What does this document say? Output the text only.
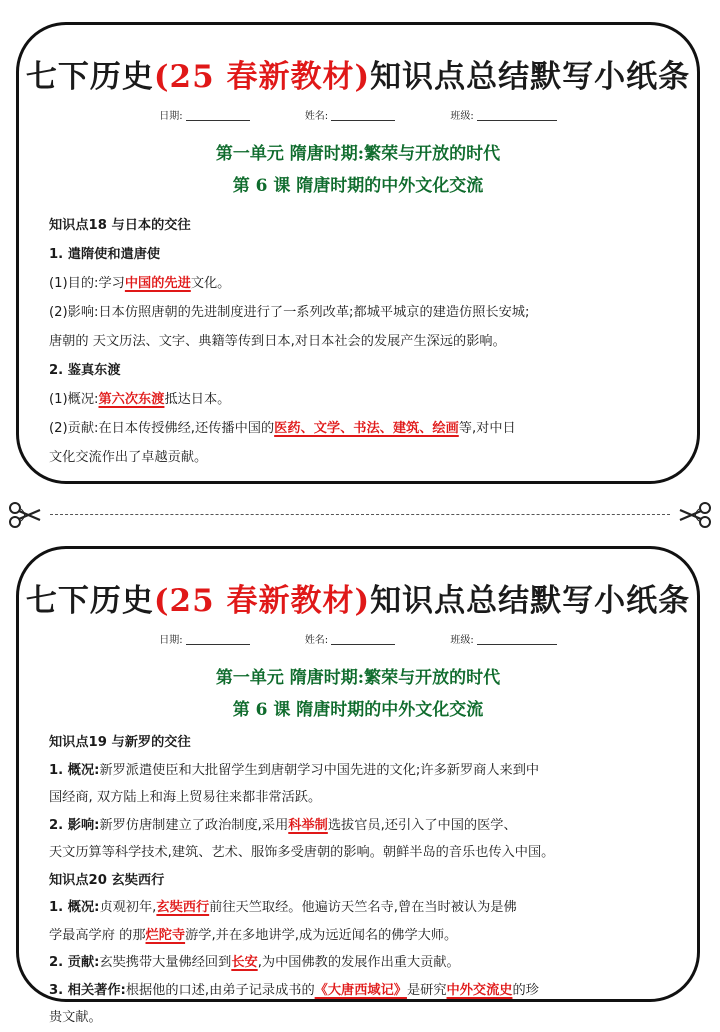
七下历史(25 春新教材)知识点总结默写小纸条
日期:	姓名:	班级:
第一单元 隋唐时期:繁荣与开放的时代
第 6 课 隋唐时期的中外文化交流

知识点18 与日本的交往

1. 遣隋使和遣唐使

(1)目的:学习中国的先进文化。

(2)影响:日本仿照唐朝的先进制度进行了一系列改革;都城平城京的建造仿照长安城;

唐朝的 天文历法、文字、典籍等传到日本,对日本社会的发展产生深远的影响。

2. 鉴真东渡

(1)概况:第六次东渡抵达日本。

(2)贡献:在日本传授佛经,还传播中国的医药、文学、书法、建筑、绘画等,对中日

文化交流作出了卓越贡献。

七下历史(25 春新教材)知识点总结默写小纸条
日期:	姓名:	班级:
第一单元 隋唐时期:繁荣与开放的时代
第 6 课 隋唐时期的中外文化交流

知识点19 与新罗的交往

1. 概况:新罗派遣使臣和大批留学生到唐朝学习中国先进的文化;许多新罗商人来到中

国经商, 双方陆上和海上贸易往来都非常活跃。

2. 影响:新罗仿唐制建立了政治制度,采用科举制选拔官员,还引入了中国的医学、

天文历算等科学技术,建筑、艺术、服饰多受唐朝的影响。朝鲜半岛的音乐也传入中国。

知识点20 玄奘西行

1. 概况:贞观初年,玄奘西行前往天竺取经。他遍访天竺名寺,曾在当时被认为是佛

学最高学府 的那烂陀寺游学,并在多地讲学,成为远近闻名的佛学大师。

2. 贡献:玄奘携带大量佛经回到长安,为中国佛教的发展作出重大贡献。

3. 相关著作:根据他的口述,由弟子记录成书的《大唐西域记》是研究中外交流史的珍

贵文献。
